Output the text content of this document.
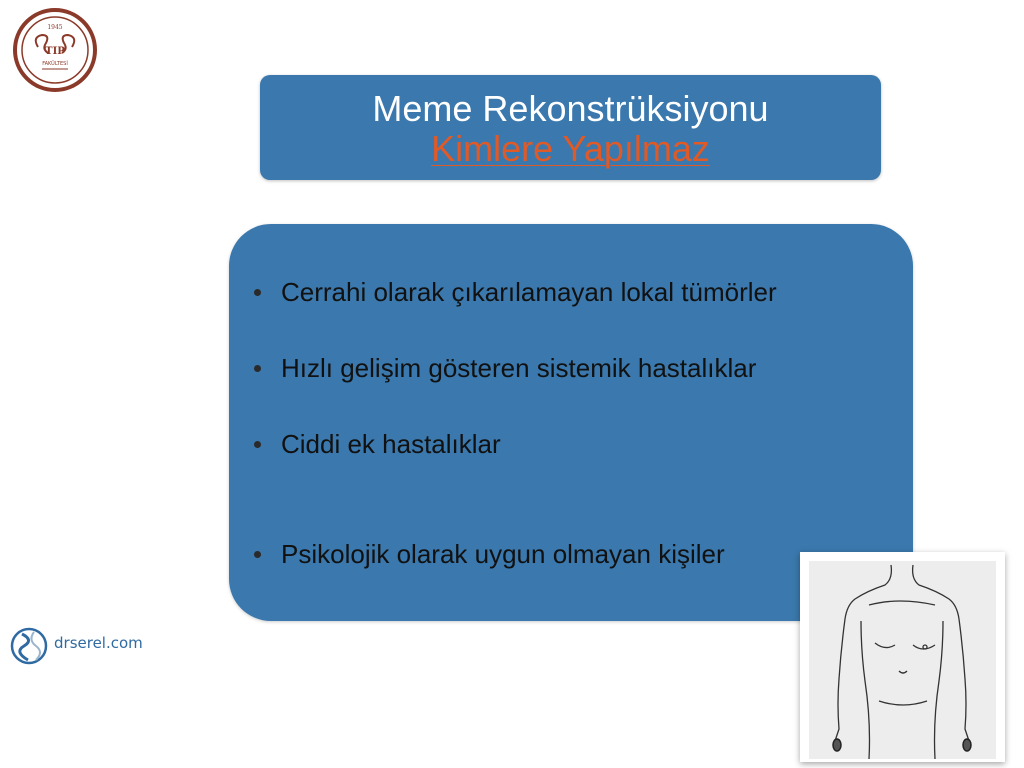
1945
TIP
FAKÜLTESİ
Meme Rekonstrüksiyonu
Kimlere Yapılmaz
Cerrahi olarak çıkarılamayan lokal tümörler
Hızlı gelişim gösteren sistemik hastalıklar
Ciddi ek hastalıklar
Psikolojik olarak uygun olmayan kişiler
drserel.com
